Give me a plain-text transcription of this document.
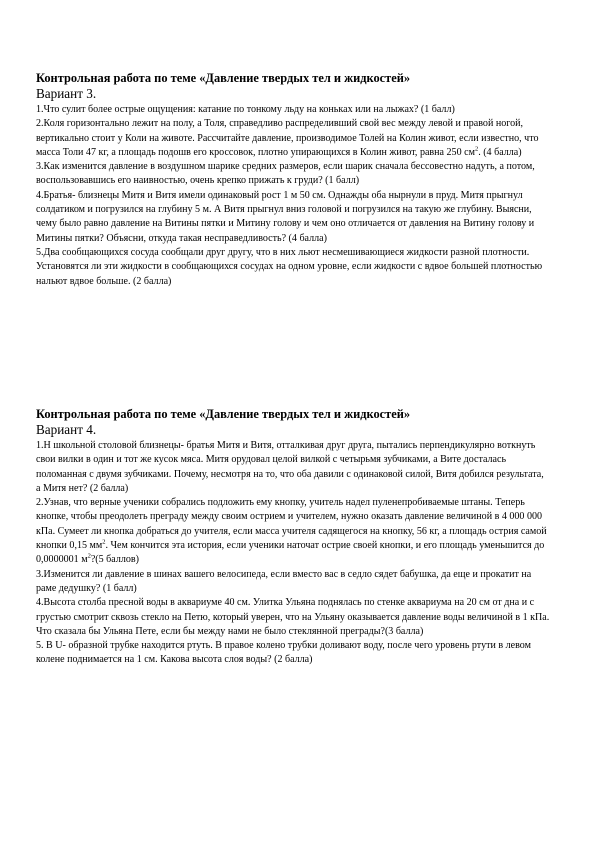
Контрольная работа по теме «Давление твердых тел и жидкостей»
Вариант 3.
1.Что сулит более острые ощущения: катание по тонкому льду на коньках или на лыжах? (1 балл)
2.Коля горизонтально лежит на полу, а Толя, справедливо распределивший свой вес между левой и правой ногой, вертикально стоит у Коли на животе. Рассчитайте давление, производимое Толей на Колин живот, если известно, что масса Толи 47 кг, а площадь подошв его кроссовок, плотно упирающихся в Колин живот, равна 250 $см^2$. (4 балла)
3.Как изменится давление в воздушном шарике средних размеров, если шарик сначала бессовестно надуть, а потом, воспользовавшись его наивностью, очень крепко прижать к груди? (1 балл)
4.Братья- близнецы Митя и Витя имели одинаковый рост 1 м 50 см. Однажды оба нырнули в пруд. Митя прыгнул солдатиком и погрузился на глубину 5 м. А Витя прыгнул вниз головой и погрузился на такую же глубину. Выясни, чему было равно давление на Витины пятки и Митину голову и чем оно отличается от давления на Витину голову и Митины пятки? Объясни, откуда такая несправедливость? (4 балла)
5.Два сообщающихся сосуда сообщали друг другу, что в них льют несмешивающиеся жидкости разной плотности. Установятся ли эти жидкости в сообщающихся сосудах на одном уровне, если жидкости с вдвое большей плотностью нальют вдвое больше. (2 балла)
Контрольная работа по теме «Давление твердых тел и жидкостей»
Вариант 4.
1.Н школьной столовой близнецы- братья Митя и Витя, отталкивая друг друга, пытались перпендикулярно воткнуть свои вилки в один и тот же кусок мяса. Митя орудовал целой вилкой с четырьмя зубчиками, а Вите досталась поломанная с двумя зубчиками. Почему, несмотря на то, что оба давили с одинаковой силой, Витя добился результата, а Митя нет? (2 балла)
2.Узнав, что верные ученики собрались подложить ему кнопку, учитель надел пуленепробиваемые штаны. Теперь кнопке, чтобы преодолеть преграду между своим острием и учителем, нужно оказать давление величиной в 4 000 000 кПа. Сумеет ли кнопка добраться до учителя, если масса учителя садящегося на кнопку, 56 кг, а площадь острия самой кнопки 0,15 $мм^2$. Чем кончится эта история, если ученики наточат острие своей кнопки, и его площадь уменьшится до 0,0000001 $м^2?(5$ баллов)
3.Изменится ли давление в шинах вашего велосипеда, если вместо вас в седло сядет бабушка, да еще и прокатит на раме дедушку? (1 балл)
4.Высота столба пресной воды в аквариуме 40 см. Улитка Ульяна поднялась по стенке аквариума на 20 см от дна и с грустью смотрит сквозь стекло на Петю, который уверен, что на Ульяну оказывается давление воды величиной в 1 кПа. Что сказала бы Ульяна Пете, если бы между нами не было стеклянной преграды?(3 балла)
5. В U- образной трубке находится ртуть. В правое колено трубки доливают воду, после чего уровень ртути в левом колене поднимается на 1 см. Какова высота слоя воды? (2 балла)
